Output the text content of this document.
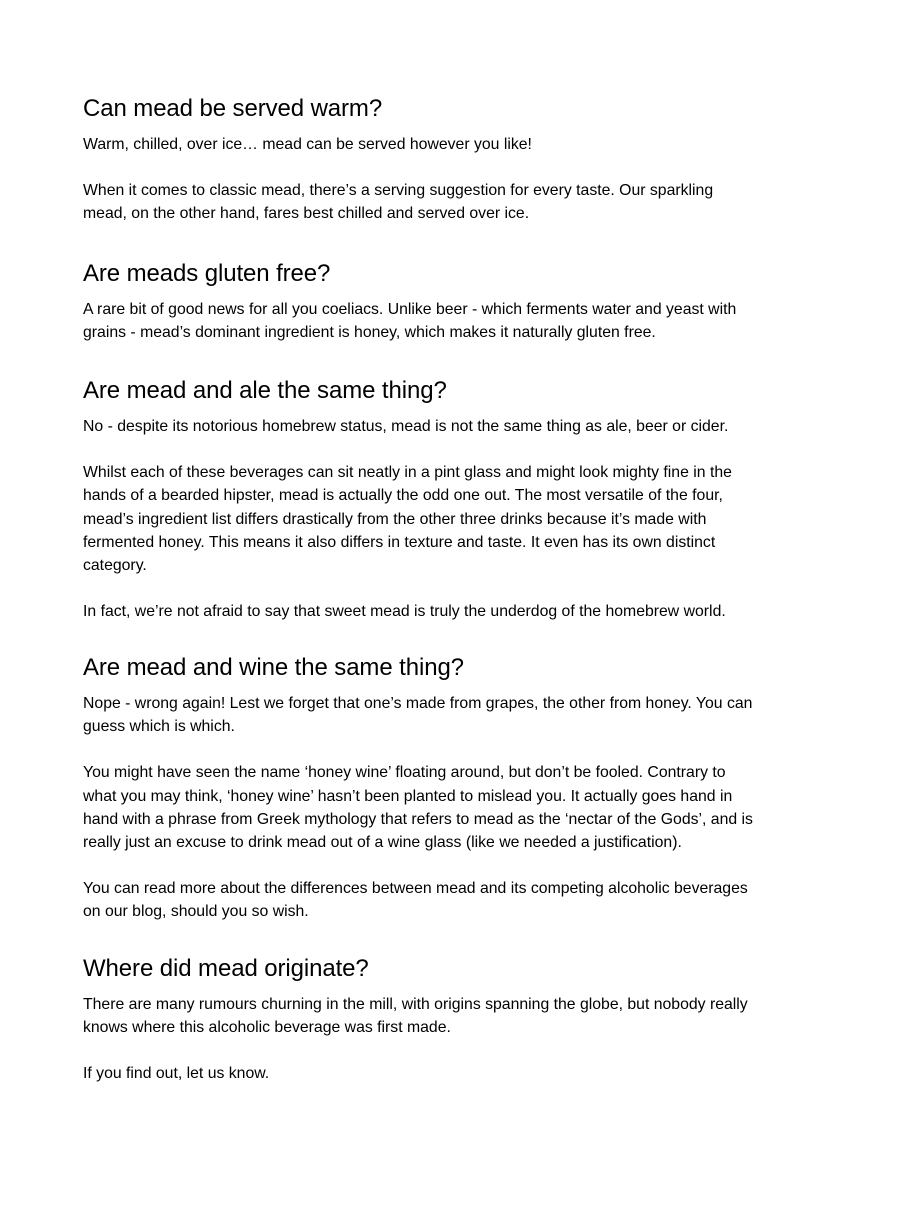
Can mead be served warm?

Warm, chilled, over ice… mead can be served however you like!

When it comes to classic mead, there’s a serving suggestion for every taste. Our sparkling
mead, on the other hand, fares best chilled and served over ice.

Are meads gluten free?

A rare bit of good news for all you coeliacs. Unlike beer - which ferments water and yeast with
grains - mead’s dominant ingredient is honey, which makes it naturally gluten free.

Are mead and ale the same thing?

No - despite its notorious homebrew status, mead is not the same thing as ale, beer or cider.

Whilst each of these beverages can sit neatly in a pint glass and might look mighty fine in the
hands of a bearded hipster, mead is actually the odd one out. The most versatile of the four,
mead’s ingredient list differs drastically from the other three drinks because it’s made with
fermented honey. This means it also differs in texture and taste. It even has its own distinct
category.

In fact, we’re not afraid to say that sweet mead is truly the underdog of the homebrew world.

Are mead and wine the same thing?

Nope - wrong again! Lest we forget that one’s made from grapes, the other from honey. You can
guess which is which.

You might have seen the name ‘honey wine’ floating around, but don’t be fooled. Contrary to
what you may think, ‘honey wine’ hasn’t been planted to mislead you. It actually goes hand in
hand with a phrase from Greek mythology that refers to mead as the ‘nectar of the Gods’, and is
really just an excuse to drink mead out of a wine glass (like we needed a justification).

You can read more about the differences between mead and its competing alcoholic beverages
on our blog, should you so wish.

Where did mead originate?

There are many rumours churning in the mill, with origins spanning the globe, but nobody really
knows where this alcoholic beverage was first made.

If you find out, let us know.
